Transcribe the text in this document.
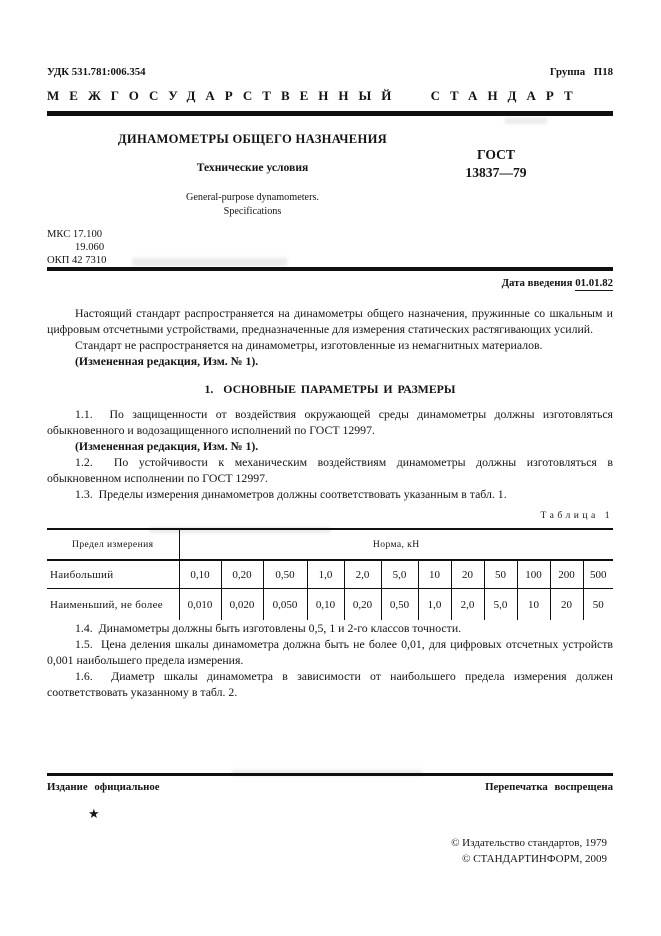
УДК 531.781:006.354	Группа П18
МЕЖГОСУДАРСТВЕННЫЙ СТАНДАРТ
ДИНАМОМЕТРЫ ОБЩЕГО НАЗНАЧЕНИЯ
Технические условия
General-purpose dynamometers.
Specifications
ГОСТ
13837—79
МКС 17.100
19.060
ОКП 42 7310
Дата введения 01.01.82

Настоящий стандарт распространяется на динамометры общего назначения, пружинные со шкальным и цифровым отсчетными устройствами, предназначенные для измерения статических растягивающих усилий.

Стандарт не распространяется на динамометры, изготовленные из немагнитных материалов.

(Измененная редакция, Изм. № 1).

1.  ОСНОВНЫЕ ПАРАМЕТРЫ И РАЗМЕРЫ

1.1.  По защищенности от воздействия окружающей среды динамометры должны изготовляться обыкновенного и водозащищенного исполнений по ГОСТ 12997.

(Измененная редакция, Изм. № 1).

1.2.  По устойчивости к механическим воздействиям динамометры должны изготовляться в обыкновенном исполнении по ГОСТ 12997.

1.3.  Пределы измерения динамометров должны соответствовать указанным в табл. 1.

Таблица 1
Предел измерения	Норма, кН											
Наибольший	0,10	0,20	0,50	1,0	2,0	5,0	10	20	50	100	200	500
Наименьший, не более	0,010	0,020	0,050	0,10	0,20	0,50	1,0	2,0	5,0	10	20	50

1.4.  Динамометры должны быть изготовлены 0,5, 1 и 2-го классов точности.

1.5.  Цена деления шкалы динамометра должна быть не более 0,01, для цифровых отсчетных устройств 0,001 наибольшего предела измерения.

1.6.  Диаметр шкалы динамометра в зависимости от наибольшего предела измерения должен соответствовать указанному в табл. 2.

Издание официальное	Перепечатка воспрещена
★
© Издательство стандартов, 1979
© СТАНДАРТИНФОРМ, 2009
